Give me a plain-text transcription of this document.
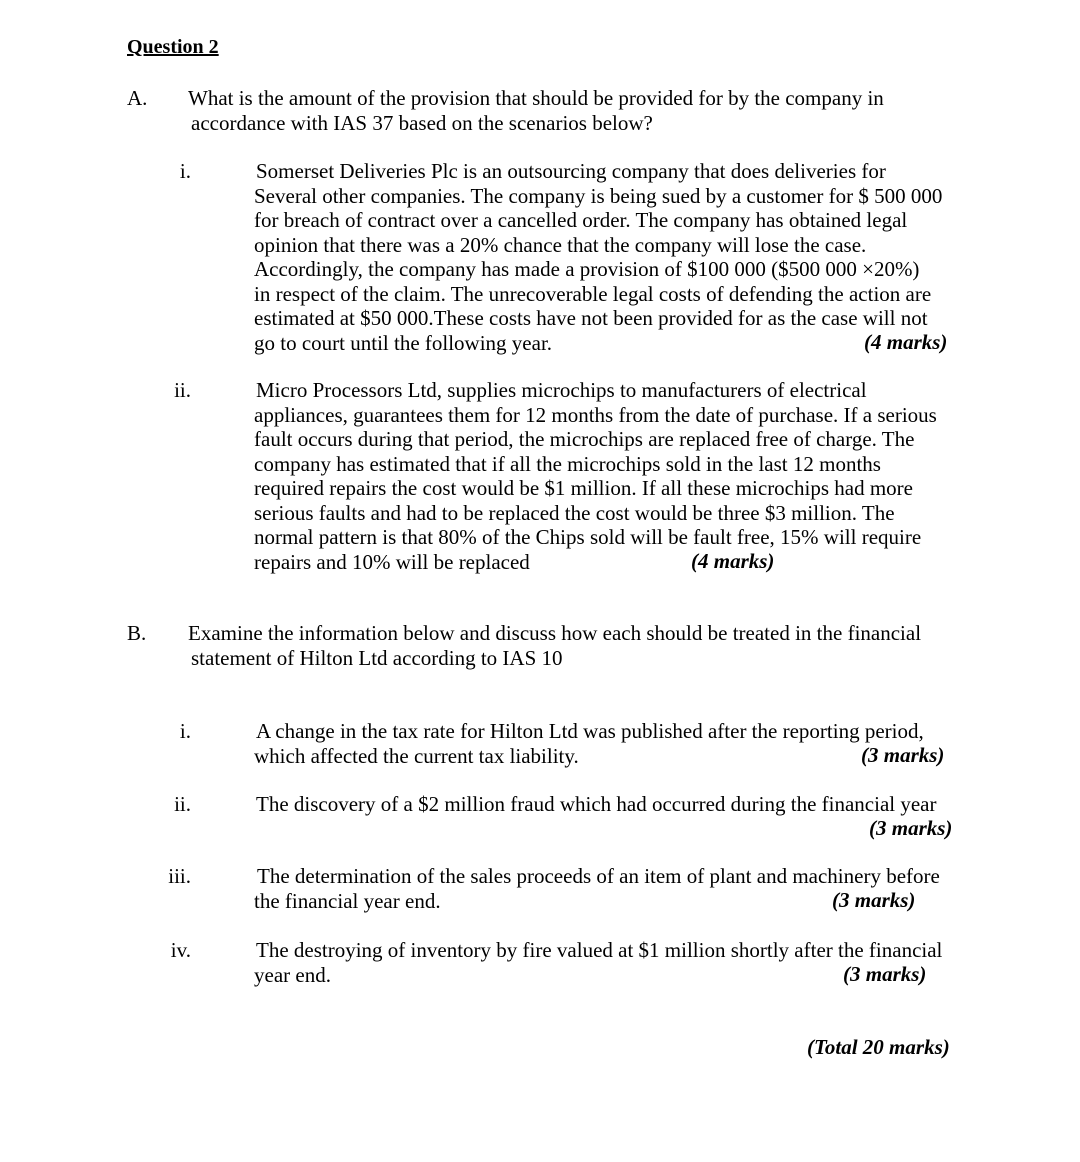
Question 2
A. What is the amount of the provision that should be provided for by the company in
accordance with IAS 37 based on the scenarios below?
i.	Somerset Deliveries Plc is an outsourcing company that does deliveries for
Several other companies. The company is being sued by a customer for $ 500 000
for breach of contract over a cancelled order. The company has obtained legal
opinion that there was a 20% chance that the company will lose the case.
Accordingly, the company has made a provision of $100 000 ($500 000 ×20%)
in respect of the claim. The unrecoverable legal costs of defending the action are
estimated at $50 000.These costs have not been provided for as the case will not
go to court until the following year.	(4 marks)
ii.	Micro Processors Ltd, supplies microchips to manufacturers of electrical
appliances, guarantees them for 12 months from the date of purchase. If a serious
fault occurs during that period, the microchips are replaced free of charge. The
company has estimated that if all the microchips sold in the last 12 months
required repairs the cost would be $1 million. If all these microchips had more
serious faults and had to be replaced the cost would be three $3 million. The
normal pattern is that 80% of the Chips sold will be fault free, 15% will require
repairs and 10% will be replaced	(4 marks)
B. Examine the information below and discuss how each should be treated in the financial
statement of Hilton Ltd according to IAS 10
i.	A change in the tax rate for Hilton Ltd was published after the reporting period,
which affected the current tax liability.	(3 marks)
ii.	The discovery of a $2 million fraud which had occurred during the financial year
(3 marks)
iii.	The determination of the sales proceeds of an item of plant and machinery before
the financial year end.	(3 marks)
iv.	The destroying of inventory by fire valued at $1 million shortly after the financial
year end.	(3 marks)
(Total 20 marks)
